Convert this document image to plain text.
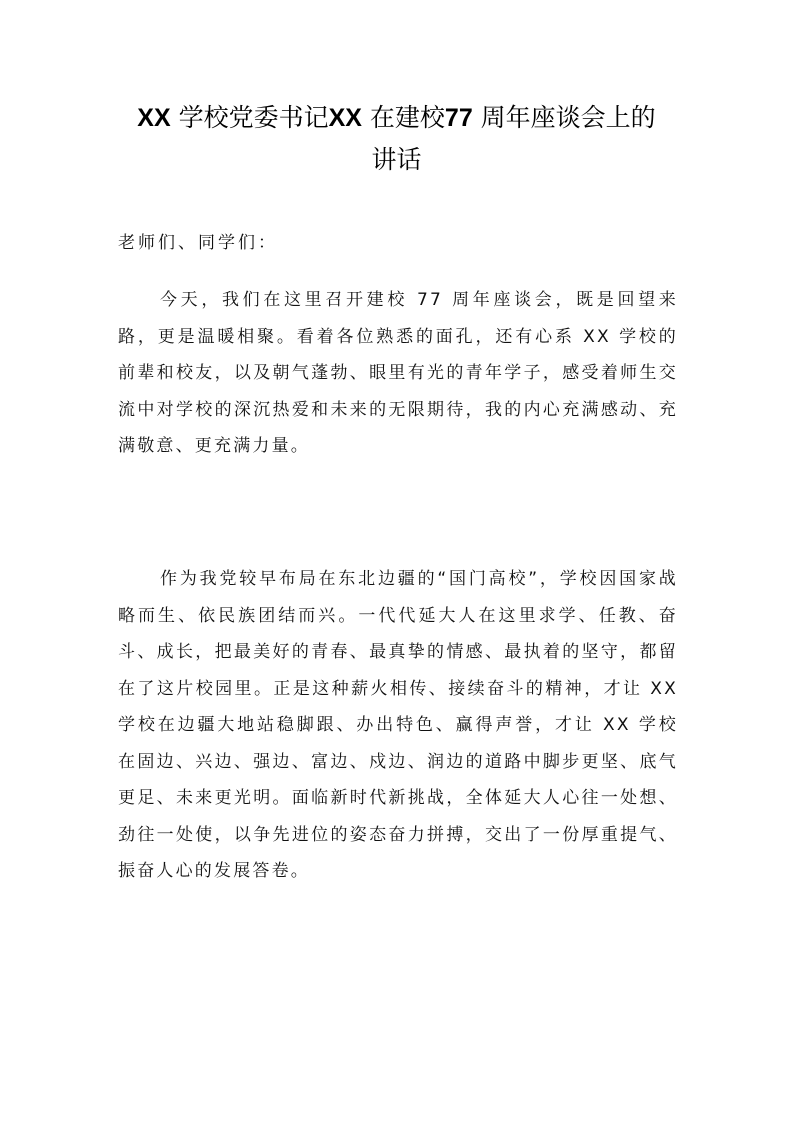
XX 学校党委书记XX 在建校77 周年座谈会上的
讲话

老师们、同学们：

今天，我们在这里召开建校 77 周年座谈会，既是回望来路，更是温暖相聚。看着各位熟悉的面孔，还有心系 XX 学校的前辈和校友，以及朝气蓬勃、眼里有光的青年学子，感受着师生交流中对学校的深沉热爱和未来的无限期待，我的内心充满感动、充满敬意、更充满力量。

作为我党较早布局在东北边疆的“国门高校”，学校因国家战略而生、依民族团结而兴。一代代延大人在这里求学、任教、奋斗、成长，把最美好的青春、最真挚的情感、最执着的坚守，都留在了这片校园里。正是这种薪火相传、接续奋斗的精神，才让 XX 学校在边疆大地站稳脚跟、办出特色、赢得声誉，才让 XX 学校在固边、兴边、强边、富边、戍边、润边的道路中脚步更坚、底气更足、未来更光明。面临新时代新挑战，全体延大人心往一处想、劲往一处使，以争先进位的姿态奋力拼搏，交出了一份厚重提气、振奋人心的发展答卷。
